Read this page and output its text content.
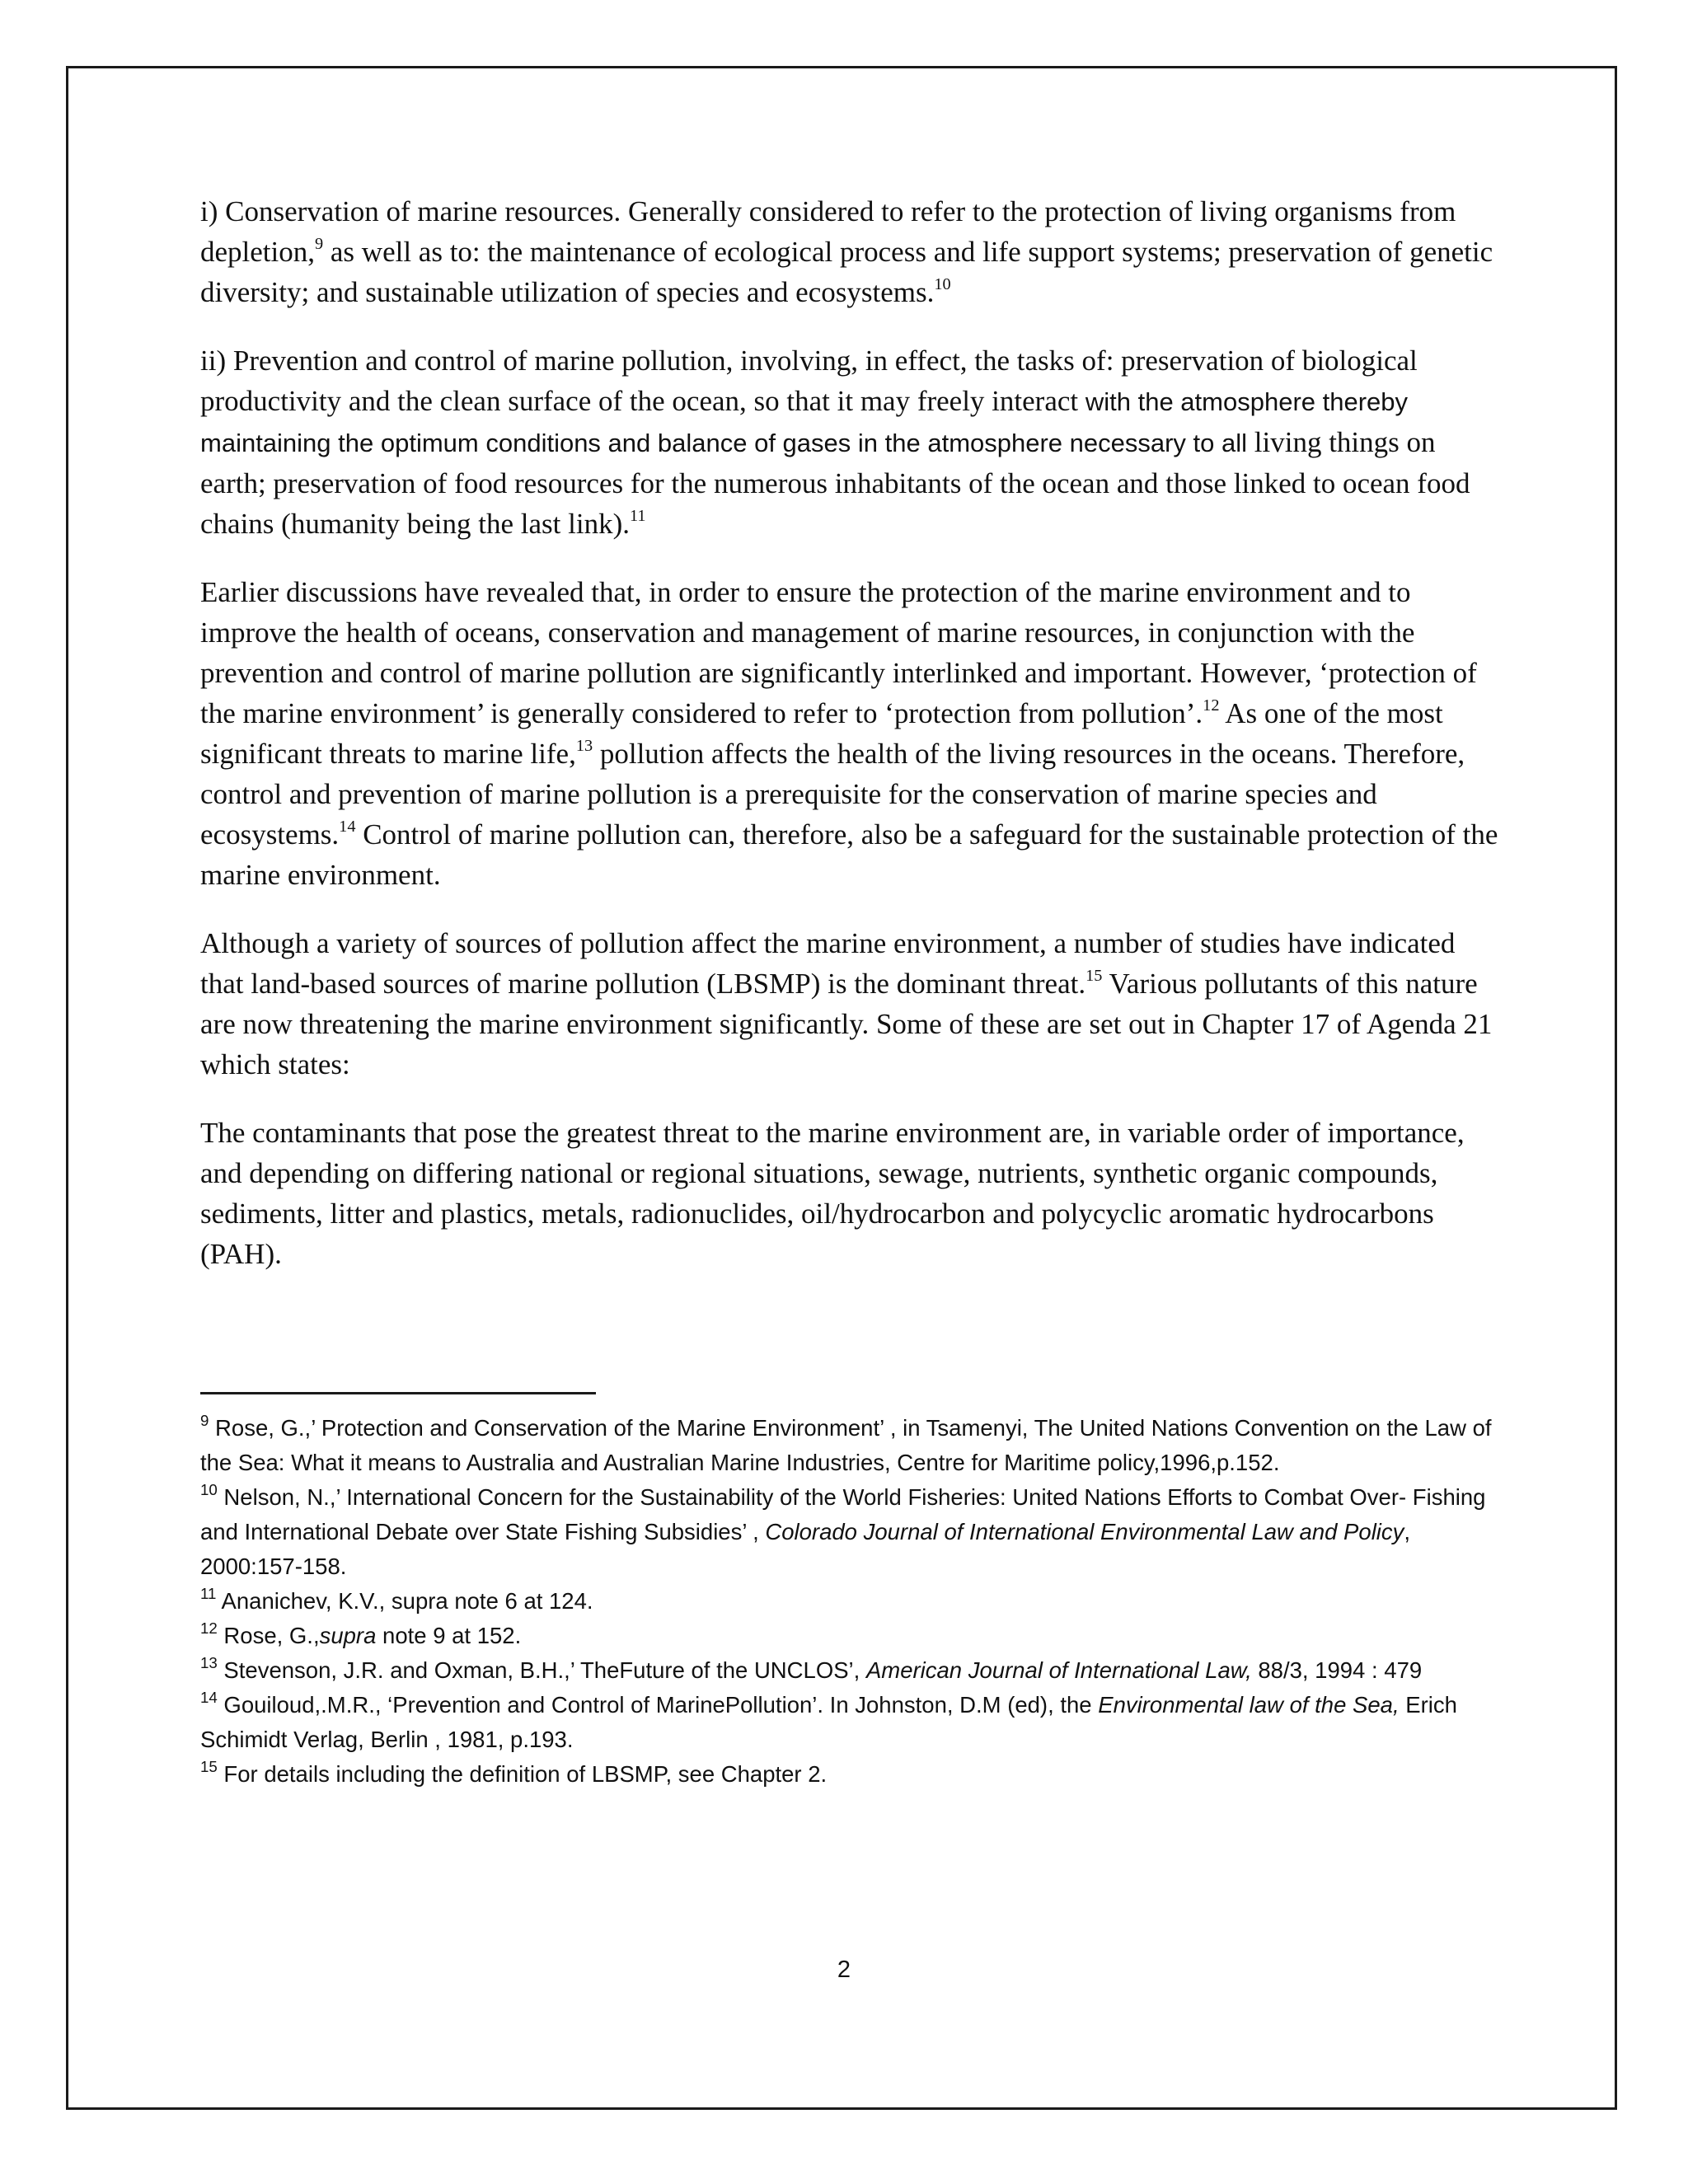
i) Conservation of marine resources. Generally considered to refer to the protection of living organisms from depletion,$^9$ as well as to: the maintenance of ecological process and life support systems; preservation of genetic diversity; and sustainable utilization of species and ecosystems.$^{10}$

ii) Prevention and control of marine pollution, involving, in effect, the tasks of: preservation of biological productivity and the clean surface of the ocean, so that it may freely interact with the atmosphere thereby maintaining the optimum conditions and balance of gases in the atmosphere necessary to all living things on earth; preservation of food resources for the numerous inhabitants of the ocean and those linked to ocean food chains (humanity being the last link).$^{11}$

Earlier discussions have revealed that, in order to ensure the protection of the marine environment and to improve the health of oceans, conservation and management of marine resources, in conjunction with the prevention and control of marine pollution are significantly interlinked and important. However, ‘protection of the marine environment’ is generally considered to refer to ‘protection from pollution’.$^{12}$ As one of the most significant threats to marine life,$^{13}$ pollution affects the health of the living resources in the oceans. Therefore, control and prevention of marine pollution is a prerequisite for the conservation of marine species and ecosystems.$^{14}$ Control of marine pollution can, therefore, also be a safeguard for the sustainable protection of the marine environment.

Although a variety of sources of pollution affect the marine environment, a number of studies have indicated that land-based sources of marine pollution (LBSMP) is the dominant threat.$^{15}$ Various pollutants of this nature are now threatening the marine environment significantly. Some of these are set out in Chapter 17 of Agenda 21 which states:

The contaminants that pose the greatest threat to the marine environment are, in variable order of importance, and depending on differing national or regional situations, sewage, nutrients, synthetic organic compounds, sediments, litter and plastics, metals, radionuclides, oil/hydrocarbon and polycyclic aromatic hydrocarbons (PAH).

$^9$ Rose, G.,’ Protection and Conservation of the Marine Environment’ , in Tsamenyi, The United Nations Convention on the Law of the Sea: What it means to Australia and Australian Marine Industries, Centre for Maritime policy,1996,p.152.

$^{10}$ Nelson, N.,’ International Concern for the Sustainability of the World Fisheries: United Nations Efforts to Combat Over- Fishing and International Debate over State Fishing Subsidies’ , Colorado Journal of International Environmental Law and Policy, 2000:157-158.

$^{11}$ Ananichev, K.V., supra note 6 at 124.

$^{12}$ Rose, G.,supra note 9 at 152.

$^{13}$ Stevenson, J.R. and Oxman, B.H.,’ TheFuture of the UNCLOS’, American Journal of International Law, 88/3, 1994 : 479

$^{14}$ Gouiloud,.M.R., ‘Prevention and Control of MarinePollution’. In Johnston, D.M (ed), the Environmental law of the Sea, Erich Schimidt Verlag, Berlin , 1981, p.193.

$^{15}$ For details including the definition of LBSMP, see Chapter 2.

2
